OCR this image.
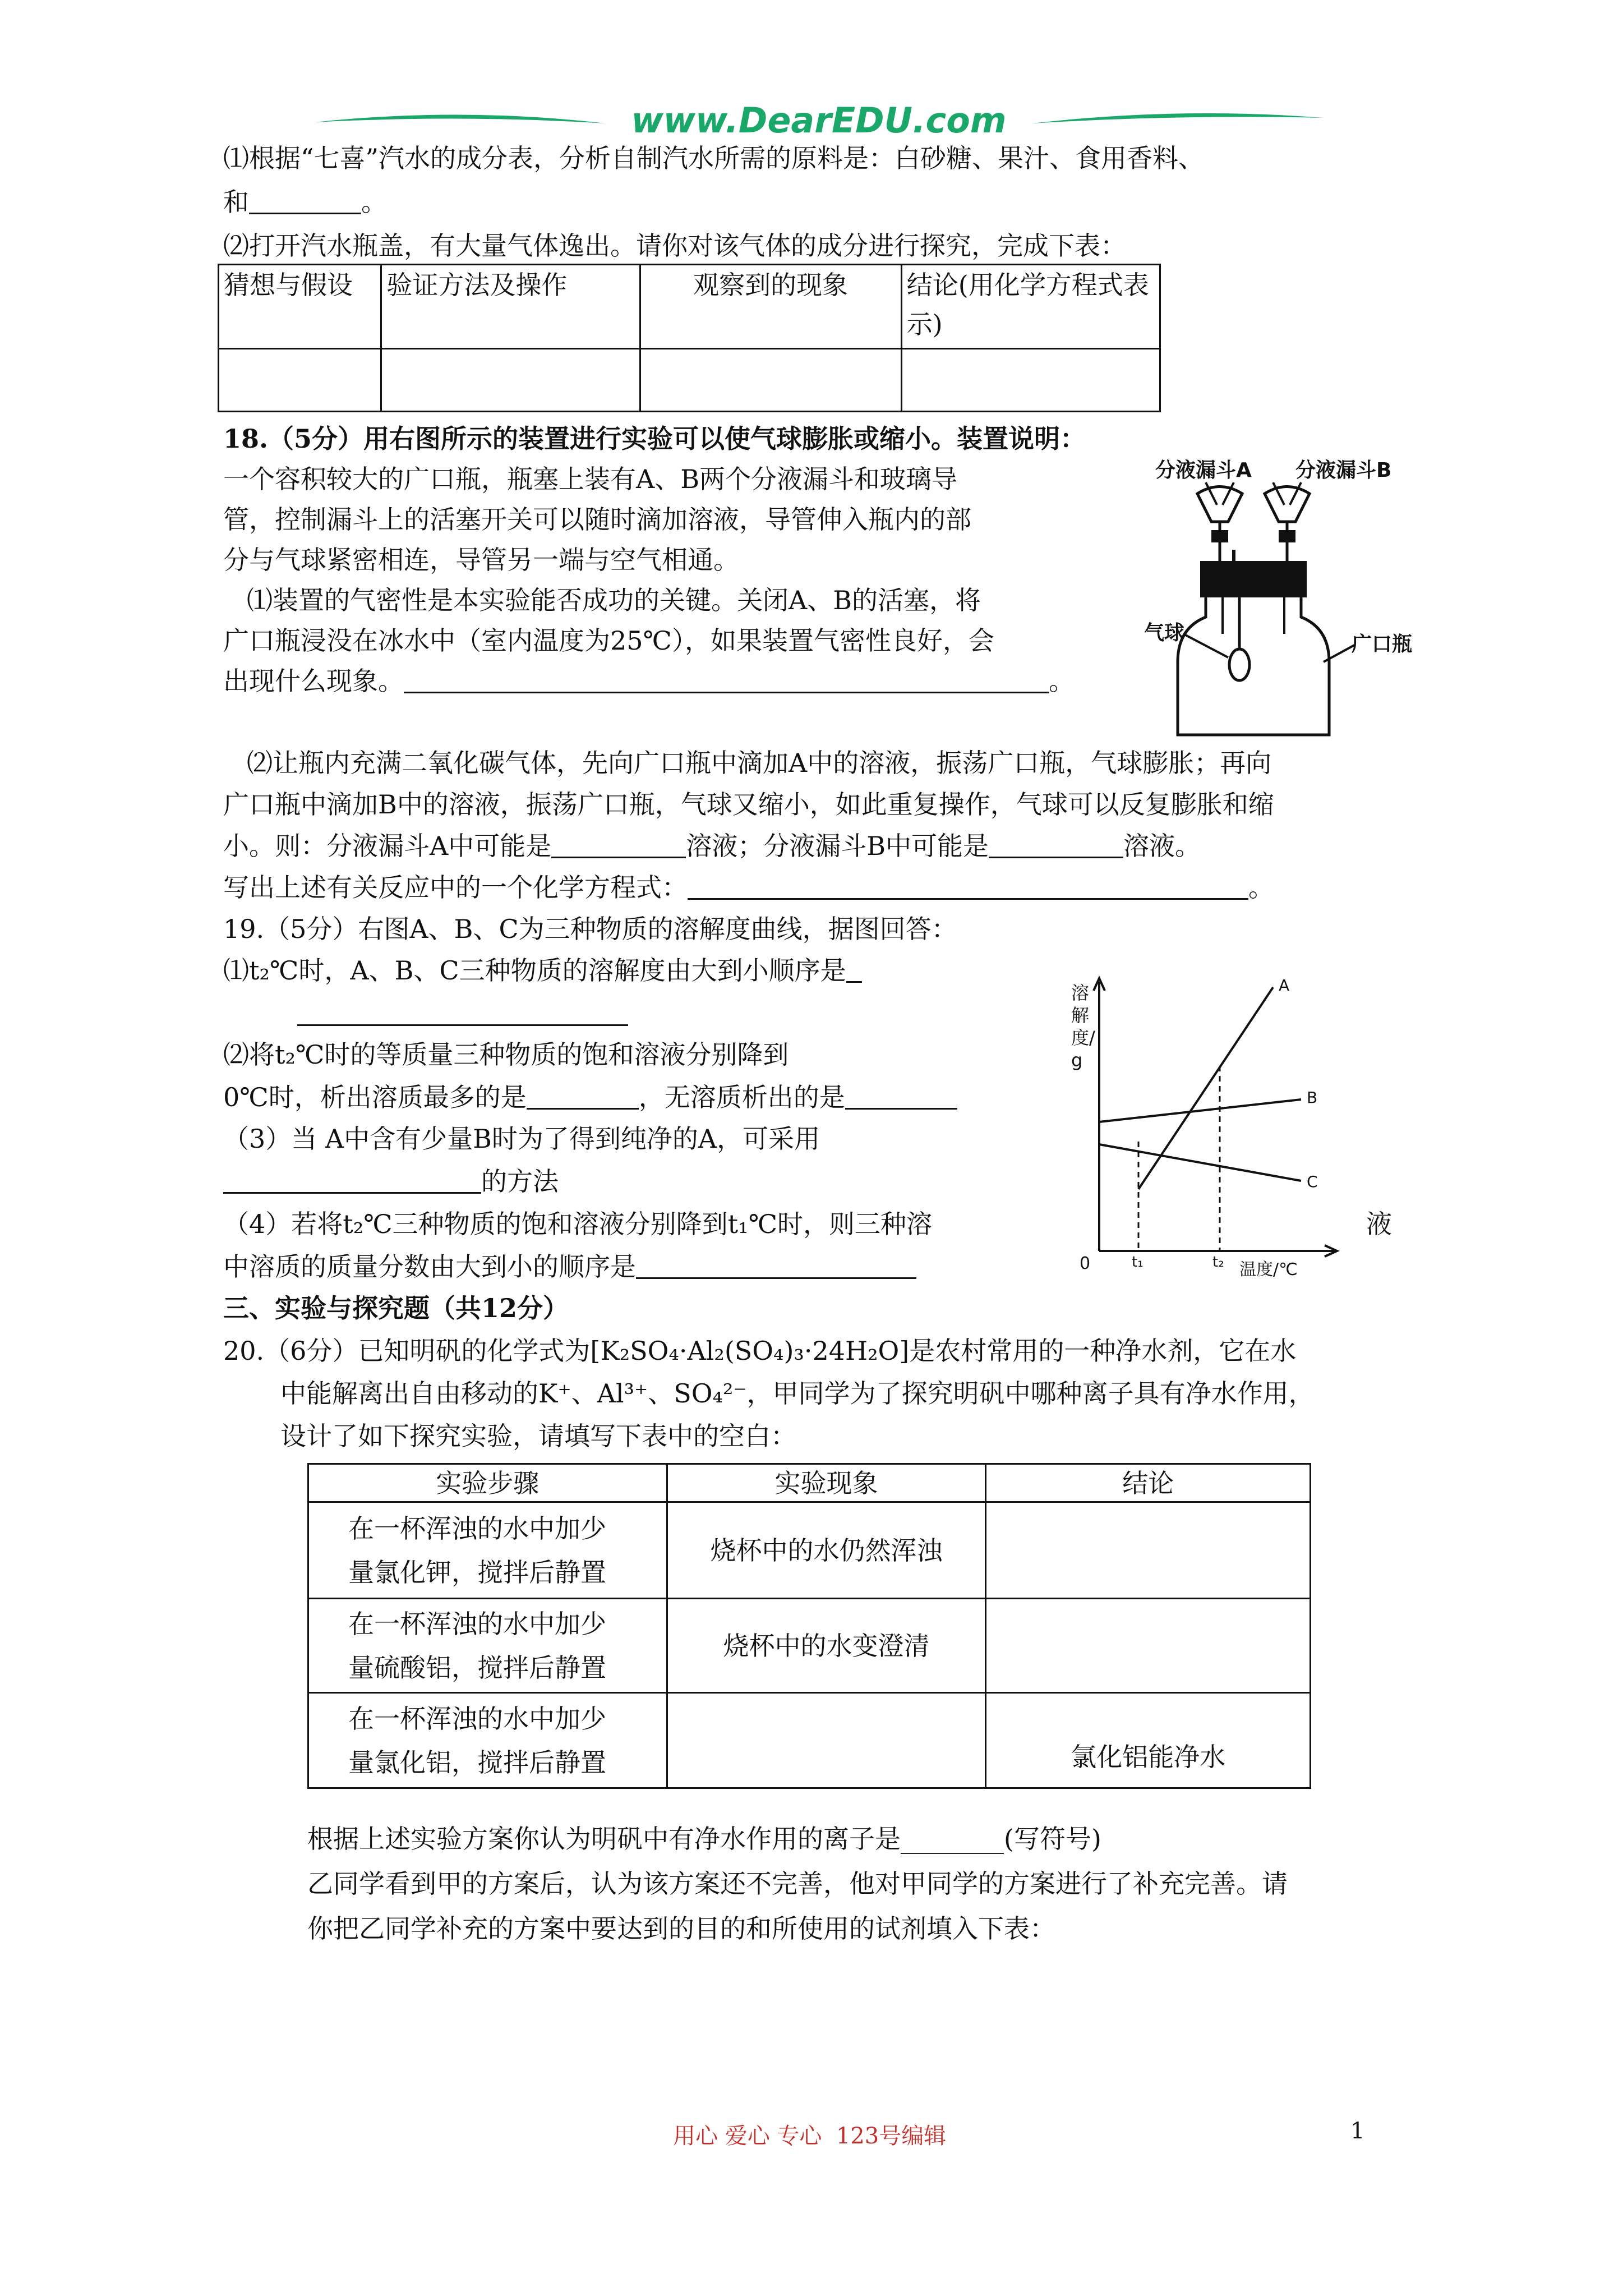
www.DearEDU.com
⑴根据“七喜”汽水的成分表，分析自制汽水所需的原料是：白砂糖、果汁、食用香料、
和	。
⑵打开汽水瓶盖，有大量气体逸出。请你对该气体的成分进行探究，完成下表：
猜想与假设	验证方法及操作	观察到的现象	结论(用化学方程式表示)

18.（5分）用右图所示的装置进行实验可以使气球膨胀或缩小。装置说明：
一个容积较大的广口瓶，瓶塞上装有A、B两个分液漏斗和玻璃导
管，控制漏斗上的活塞开关可以随时滴加溶液，导管伸入瓶内的部
分与气球紧密相连，导管另一端与空气相通。
⑴装置的气密性是本实验能否成功的关键。关闭A、B的活塞，将
广口瓶浸没在冰水中（室内温度为25℃），如果装置气密性良好，会
出现什么现象。	。
分液漏斗A 分液漏斗B
气球	广口瓶
⑵让瓶内充满二氧化碳气体，先向广口瓶中滴加A中的溶液，振荡广口瓶，气球膨胀；再向
广口瓶中滴加B中的溶液，振荡广口瓶，气球又缩小，如此重复操作，气球可以反复膨胀和缩
小。则：分液漏斗A中可能是	溶液；分液漏斗B中可能是	溶液。
写出上述有关反应中的一个化学方程式：	。
19.（5分）右图A、B、C为三种物质的溶解度曲线，据图回答：
⑴t₂℃时，A、B、C三种物质的溶解度由大到小顺序是
⑵将t₂℃时的等质量三种物质的饱和溶液分别降到
0℃时，析出溶质最多的是	，无溶质析出的是
（3）当 A中含有少量B时为了得到纯净的A，可采用
的方法
（4）若将t₂℃三种物质的饱和溶液分别降到t₁℃时，则三种溶	液
中溶质的质量分数由大到小的顺序是
溶解度/g
A
B
C
0	t₁	t₂ 温度/℃
三、实验与探究题（共12分）
20.（6分）已知明矾的化学式为[K₂SO₄·Al₂(SO₄)₃·24H₂O]是农村常用的一种净水剂，它在水
中能解离出自由移动的K⁺、Al³⁺、SO₄²⁻，甲同学为了探究明矾中哪种离子具有净水作用，
设计了如下探究实验，请填写下表中的空白：
实验步骤	实验现象	结论

在一杯浑浊的水中加少
量氯化钾，搅拌后静置	烧杯中的水仍然浑浊	

在一杯浑浊的水中加少
量硫酸铝，搅拌后静置	烧杯中的水变澄清	

在一杯浑浊的水中加少
量氯化铝，搅拌后静置		氯化铝能净水
根据上述实验方案你认为明矾中有净水作用的离子是________(写符号)
乙同学看到甲的方案后，认为该方案还不完善，他对甲同学的方案进行了补充完善。请
你把乙同学补充的方案中要达到的目的和所使用的试剂填入下表：
用心 爱心 专心  123号编辑	1
